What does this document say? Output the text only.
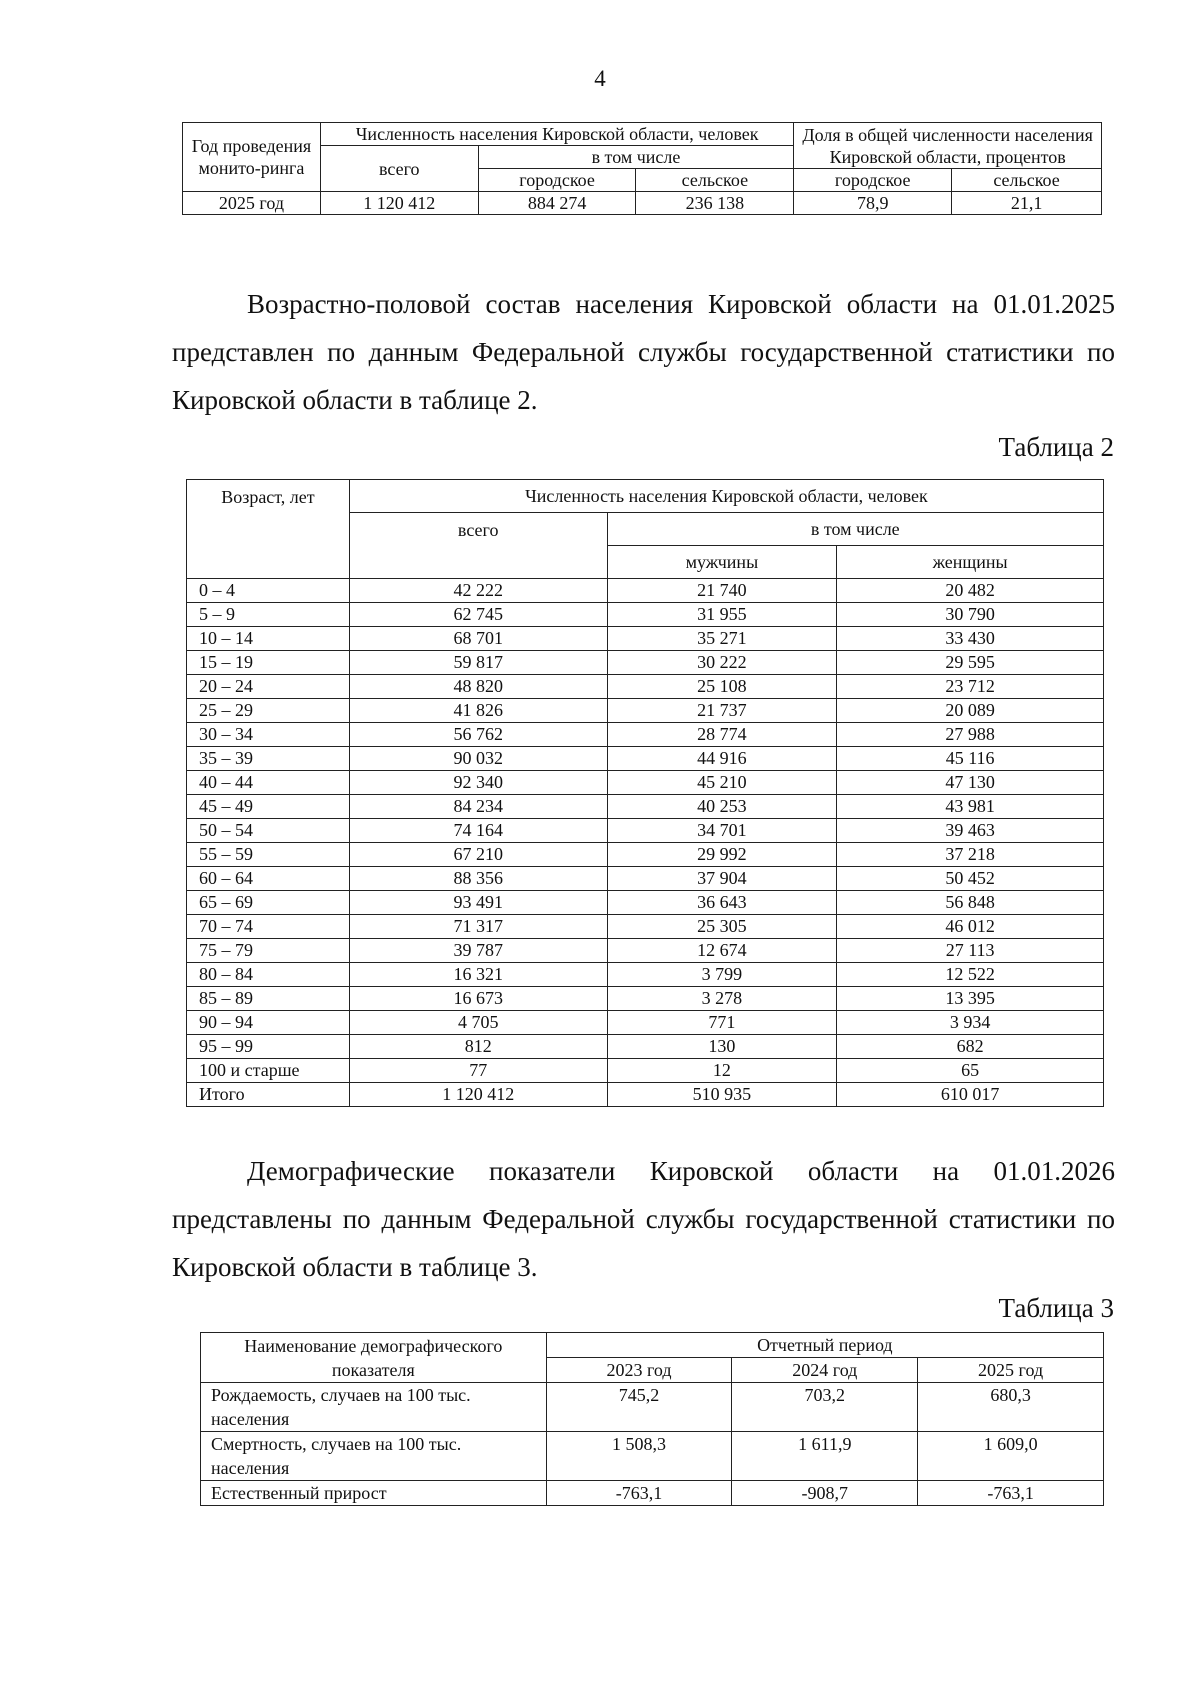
4
Год проведения монито-ринга	Численность населения Кировской области, человек			Доля в общей численности населения Кировской области, процентов	
	всего	в том числе			
		городское	сельское	городское	сельское
2025 год	1 120 412	884 274	236 138	78,9	21,1
Возрастно-половой состав населения Кировской области на 01.01.2025 представлен по данным Федеральной службы государственной статистики по Кировской области в таблице 2.
Таблица 2
Возраст, лет	Численность населения Кировской области, человек		
	всего	в том числе	
		мужчины	женщины
0 – 4	42 222	21 740	20 482
5 – 9	62 745	31 955	30 790
10 – 14	68 701	35 271	33 430
15 – 19	59 817	30 222	29 595
20 – 24	48 820	25 108	23 712
25 – 29	41 826	21 737	20 089
30 – 34	56 762	28 774	27 988
35 – 39	90 032	44 916	45 116
40 – 44	92 340	45 210	47 130
45 – 49	84 234	40 253	43 981
50 – 54	74 164	34 701	39 463
55 – 59	67 210	29 992	37 218
60 – 64	88 356	37 904	50 452
65 – 69	93 491	36 643	56 848
70 – 74	71 317	25 305	46 012
75 – 79	39 787	12 674	27 113
80 – 84	16 321	3 799	12 522
85 – 89	16 673	3 278	13 395
90 – 94	4 705	771	3 934
95 – 99	812	130	682
100 и старше	77	12	65
Итого	1 120 412	510 935	610 017
Демографические показатели Кировской области на 01.01.2026 представлены по данным Федеральной службы государственной статистики по Кировской области в таблице 3.
Таблица 3
Наименование демографического показателя	Отчетный период		
	2023 год	2024 год	2025 год
Рождаемость, случаев на 100 тыс. населения	745,2	703,2	680,3
Смертность, случаев на 100 тыс. населения	1 508,3	1 611,9	1 609,0
Естественный прирост	-763,1	-908,7	-763,1
